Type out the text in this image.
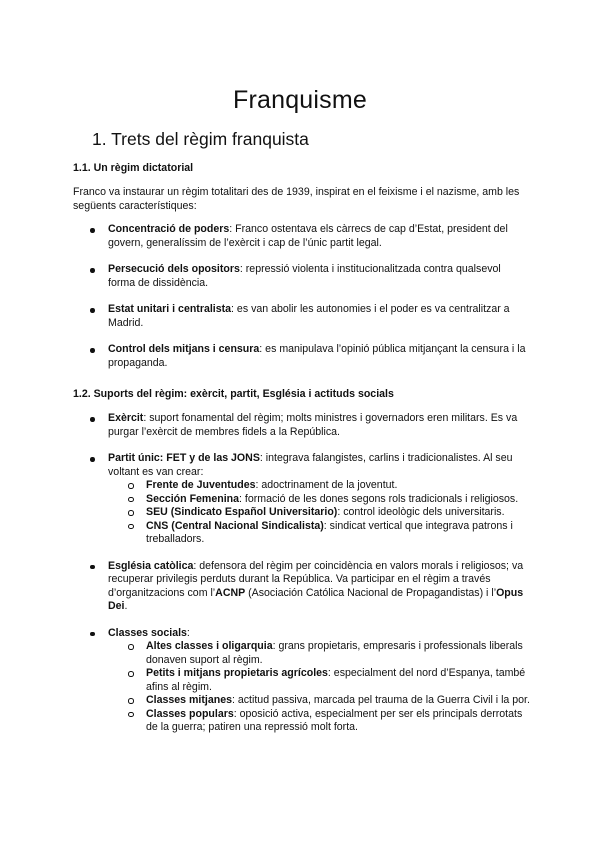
Franquisme
1. Trets del règim franquista
1.1. Un règim dictatorial
Franco va instaurar un règim totalitari des de 1939, inspirat en el feixisme i el nazisme, amb les següents característiques:
Concentració de poders: Franco ostentava els càrrecs de cap d’Estat, president del govern, generalíssim de l’exèrcit i cap de l’únic partit legal.
Persecució dels opositors: repressió violenta i institucionalitzada contra qualsevol forma de dissidència.
Estat unitari i centralista: es van abolir les autonomies i el poder es va centralitzar a Madrid.
Control dels mitjans i censura: es manipulava l’opinió pública mitjançant la censura i la propaganda.
1.2. Suports del règim: exèrcit, partit, Església i actituds socials
Exèrcit: suport fonamental del règim; molts ministres i governadors eren militars. Es va purgar l’exèrcit de membres fidels a la República.
Partit únic: FET y de las JONS: integrava falangistes, carlins i tradicionalistes. Al seu voltant es van crear:
Frente de Juventudes: adoctrinament de la joventut.
Sección Femenina: formació de les dones segons rols tradicionals i religiosos.
SEU (Sindicato Español Universitario): control ideològic dels universitaris.
CNS (Central Nacional Sindicalista): sindicat vertical que integrava patrons i treballadors.
Església catòlica: defensora del règim per coincidència en valors morals i religiosos; va recuperar privilegis perduts durant la República. Va participar en el règim a través d’organitzacions com l’ACNP (Asociación Católica Nacional de Propagandistas) i l’Opus Dei.
Classes socials:
Altes classes i oligarquia: grans propietaris, empresaris i professionals liberals donaven suport al règim.
Petits i mitjans propietaris agrícoles: especialment del nord d’Espanya, també afins al règim.
Classes mitjanes: actitud passiva, marcada pel trauma de la Guerra Civil i la por.
Classes populars: oposició activa, especialment per ser els principals derrotats de la guerra; patiren una repressió molt forta.
